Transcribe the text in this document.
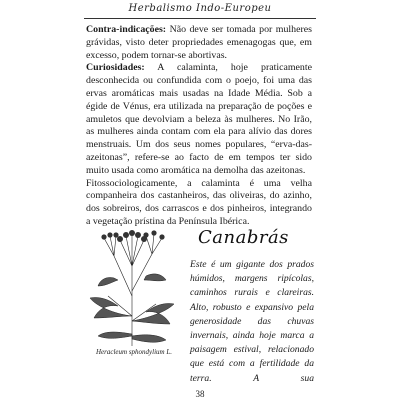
Herbalismo Indo-Europeu

Contra-indicações: Não deve ser tomada por mulheres grávidas, visto deter propriedades emenagogas que, em excesso, podem tornar-se abortivas.

Curiosidades: A calaminta, hoje praticamente desconhecida ou confundida com o poejo, foi uma das ervas aromáticas mais usadas na Idade Média. Sob a égide de Vénus, era utilizada na preparação de poções e amuletos que devolviam a beleza às mulheres. No Irão, as mulheres ainda contam com ela para alívio das dores menstruais. Um dos seus nomes populares, “erva-das-azeitonas”, refere-se ao facto de em tempos ter sido muito usada como aromática na demolha das azeitonas.

Fitossociologicamente, a calaminta é uma velha companheira dos castanheiros, das oliveiras, do azinho, dos sobreiros, dos carrascos e dos pinheiros, integrando a vegetação prístina da Península Ibérica.

Canabrás
Heracleum sphondylium L.
Este é um gigante dos prados húmidos, margens ripícolas, caminhos rurais e clareiras. Alto, robusto e expansivo pela generosidade das chuvas invernais, ainda hoje marca a paisagem estival, relacionado que está com a fertilidade da terra. A sua
38
